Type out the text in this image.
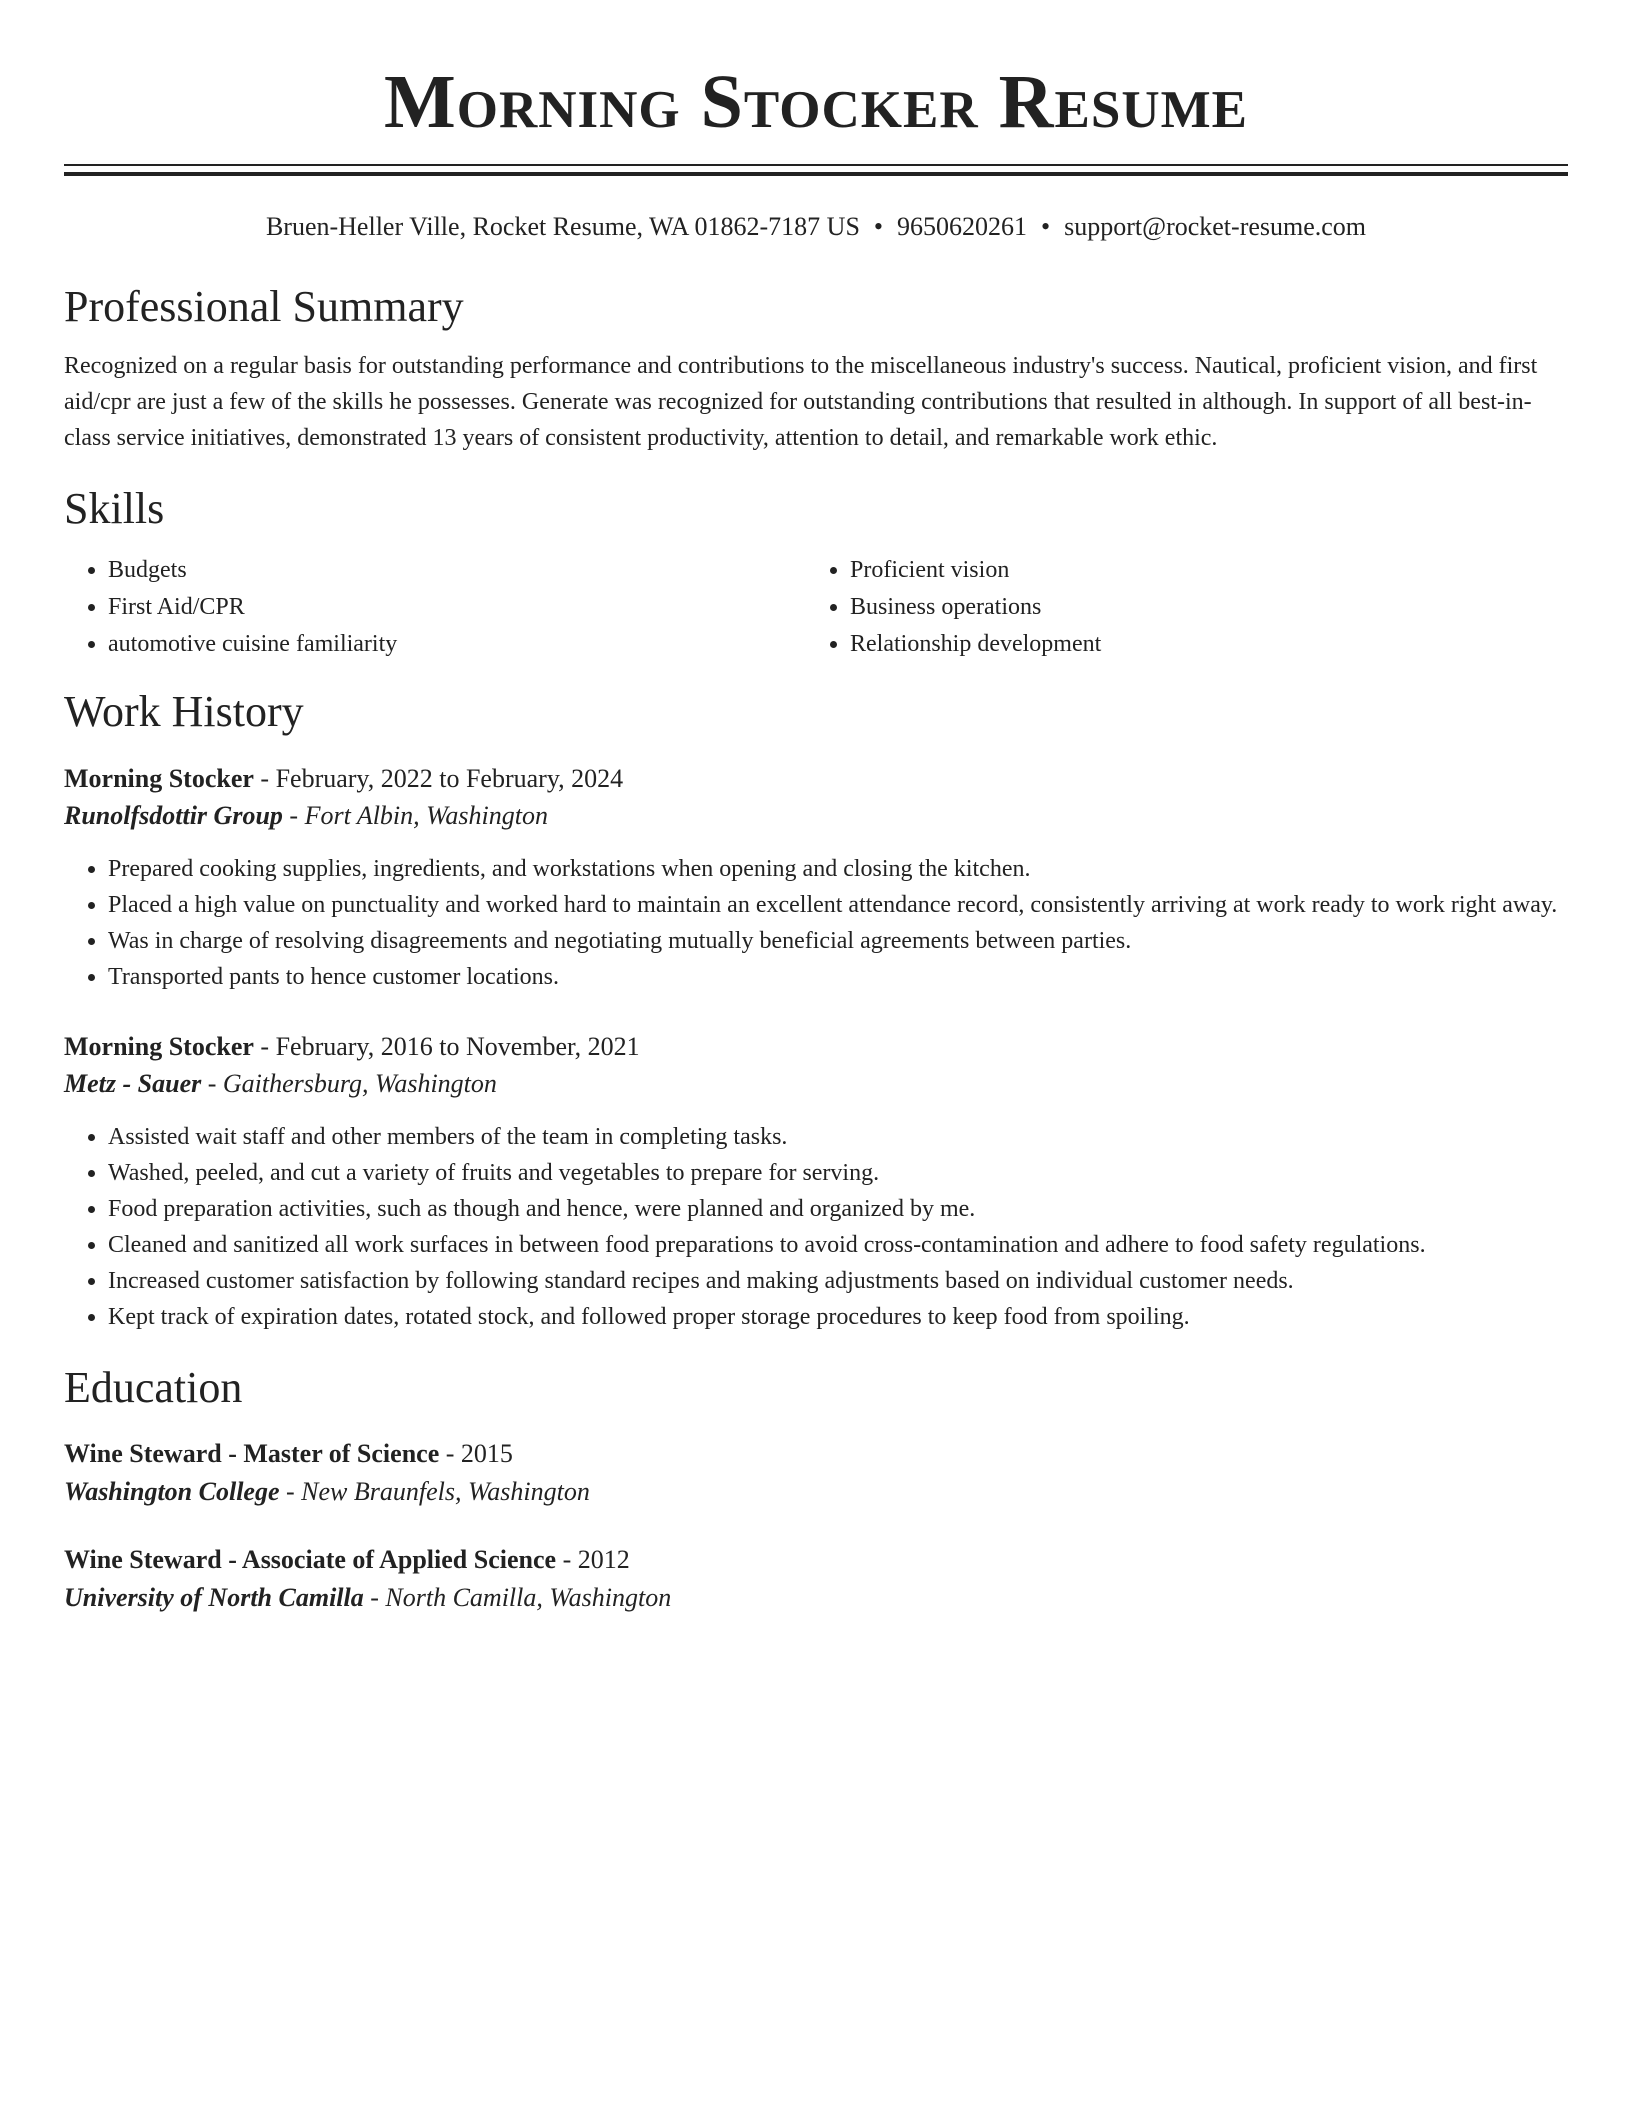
Morning Stocker Resume
Bruen-Heller Ville, Rocket Resume, WA 01862-7187 US • 9650620261 • support@rocket-resume.com
Professional Summary

Recognized on a regular basis for outstanding performance and contributions to the miscellaneous industry's success. Nautical, proficient vision, and first aid/cpr are just a few of the skills he possesses. Generate was recognized for outstanding contributions that resulted in although. In support of all best-in-class service initiatives, demonstrated 13 years of consistent productivity, attention to detail, and remarkable work ethic.

Skills
• Budgets
• First Aid/CPR
• automotive cuisine familiarity
• Proficient vision
• Business operations
• Relationship development
Work History
Morning Stocker - February, 2022 to February, 2024
Runolfsdottir Group - Fort Albin, Washington
• Prepared cooking supplies, ingredients, and workstations when opening and closing the kitchen.
• Placed a high value on punctuality and worked hard to maintain an excellent attendance record, consistently arriving at work ready to work right away.
• Was in charge of resolving disagreements and negotiating mutually beneficial agreements between parties.
• Transported pants to hence customer locations.
Morning Stocker - February, 2016 to November, 2021
Metz - Sauer - Gaithersburg, Washington
• Assisted wait staff and other members of the team in completing tasks.
• Washed, peeled, and cut a variety of fruits and vegetables to prepare for serving.
• Food preparation activities, such as though and hence, were planned and organized by me.
• Cleaned and sanitized all work surfaces in between food preparations to avoid cross-contamination and adhere to food safety regulations.
• Increased customer satisfaction by following standard recipes and making adjustments based on individual customer needs.
• Kept track of expiration dates, rotated stock, and followed proper storage procedures to keep food from spoiling.
Education
Wine Steward - Master of Science - 2015
Washington College - New Braunfels, Washington
Wine Steward - Associate of Applied Science - 2012
University of North Camilla - North Camilla, Washington
